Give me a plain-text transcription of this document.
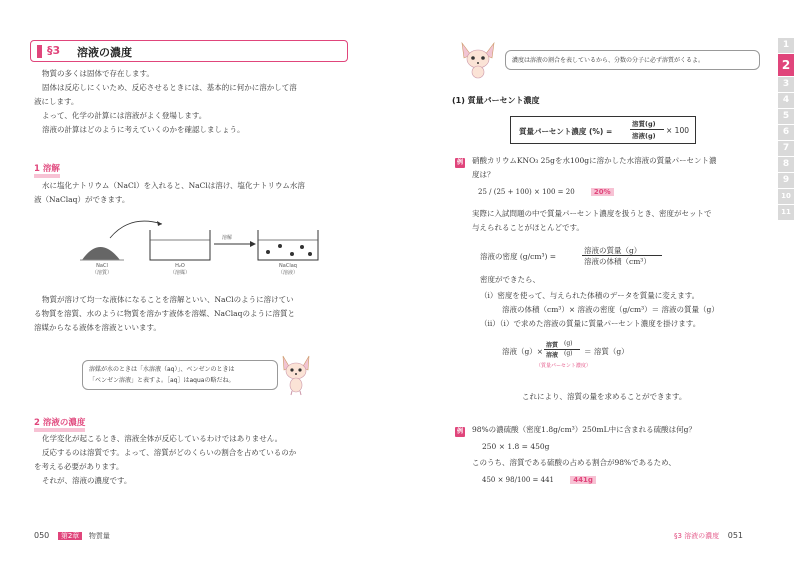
§3 溶液の濃度
物質の多くは固体で存在します。
固体は反応しにくいため、反応させるときには、基本的に何かに溶かして溶
液にします。
よって、化学の計算には溶液がよく登場します。
溶液の計算はどのように考えていくのかを確認しましょう。
1 溶解
水に塩化ナトリウム（NaCl）を入れると、NaClは溶け、塩化ナトリウム水溶
液（NaClaq）ができます。
NaCl
（溶質）
H₂O
（溶媒）
NaClaq
（溶液）
溶解
物質が溶けて均一な液体になることを溶解といい、NaClのように溶けてい
る物質を溶質、水のように物質を溶かす液体を溶媒、NaClaqのように溶質と
溶媒からなる液体を溶液といいます。
溶媒が水のときは「水溶液（aq）」、ベンゼンのときは
「ベンゼン溶液」と表すよ。［aq］はaquaの略だね。
2 溶液の濃度
化学変化が起こるとき、溶液全体が反応しているわけではありません。
反応するのは溶質です。よって、溶質がどのくらいの割合を占めているのか
を考える必要があります。
それが、溶液の濃度です。
050 第2章 物質量
濃度は溶液の割合を表しているから、分数の分子に必ず溶質がくるよ。
(1) 質量パーセント濃度
質量パーセント濃度 (%) =
溶質(g)
溶液(g)
× 100
例 硝酸カリウムKNO₃ 25gを水100gに溶かした水溶液の質量パーセント濃
度は？
25 / (25 + 100) × 100 = 20	20%
実際に入試問題の中で質量パーセント濃度を扱うとき、密度がセットで
与えられることがほとんどです。
溶液の密度 (g/cm³) =
溶液の質量（g）
溶液の体積（cm³）
密度ができたら、
（ⅰ）密度を使って、与えられた体積のデータを質量に変えます。
溶液の体積（cm³）× 溶液の密度（g/cm³）＝ 溶液の質量（g）
（ⅱ）（ⅰ）で求めた溶液の質量に質量パーセント濃度を掛けます。
溶液（g）×
溶質
溶液
(g)
(g) ＝ 溶質（g）
（質量パーセント濃度）
これにより、溶質の量を求めることができます。
例 98%の濃硫酸（密度1.8g/cm³）250mL中に含まれる硫酸は何g？
250 × 1.8 = 450g
このうち、溶質である硫酸の占める割合が98%であるため、
450 × 98/100 = 441	441g
§3 溶液の濃度 051
1
2
3
4
5
6
7
8
9
10
11
